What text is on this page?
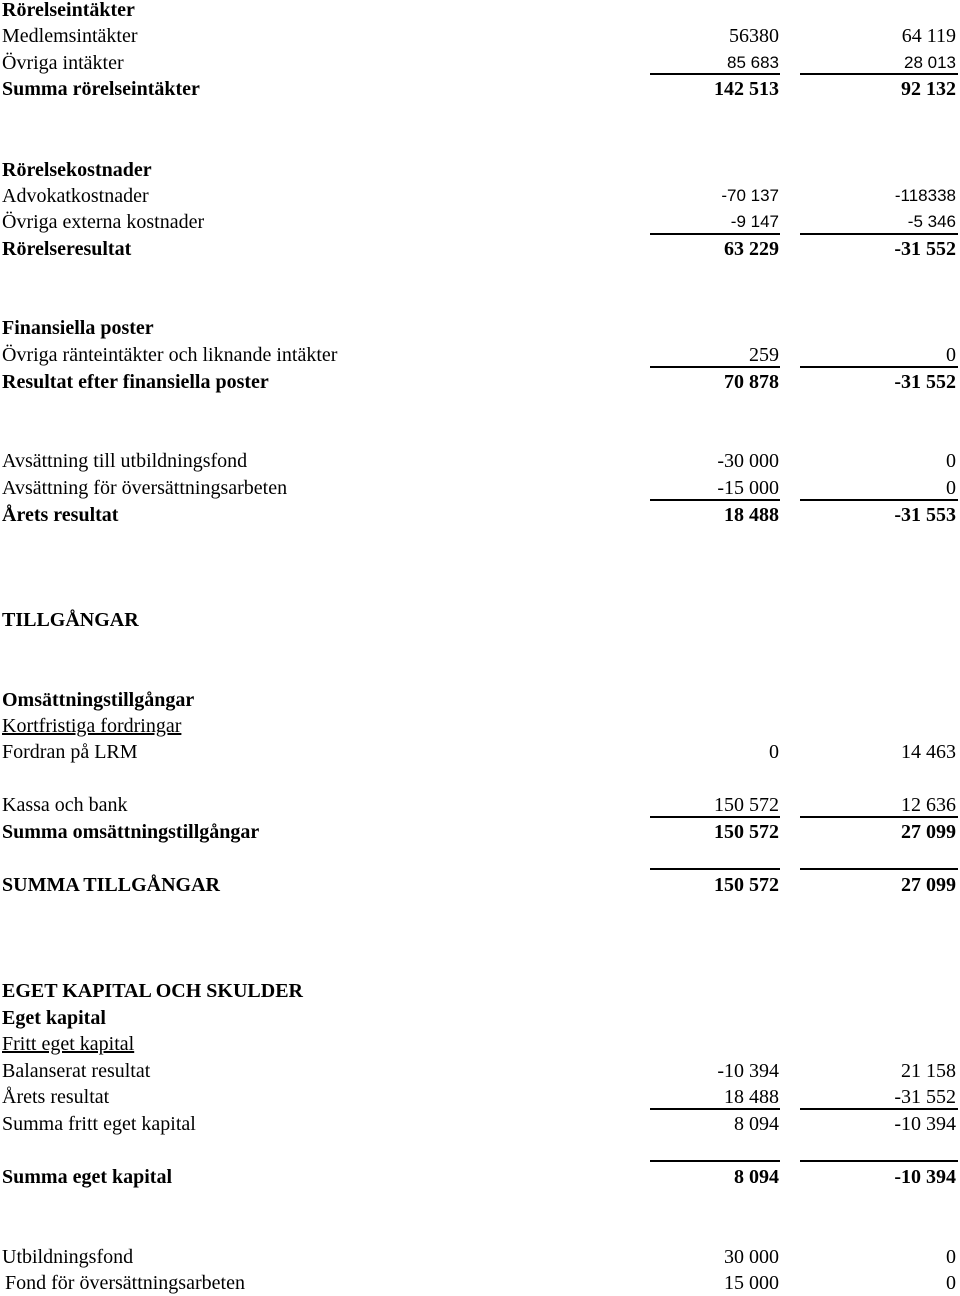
Rörelseintäkter
Medlemsintäkter	56380	64 119
Övriga intäkter	85 683	28 013
Summa rörelseintäkter	142 513	92 132
Rörelsekostnader
Advokatkostnader	-70 137	-118338
Övriga externa kostnader	-9 147	-5 346
Rörelseresultat	63 229	-31 552
Finansiella poster
Övriga ränteintäkter och liknande intäkter	259	0
Resultat efter finansiella poster	70 878	-31 552
Avsättning till utbildningsfond	-30 000	0
Avsättning för översättningsarbeten	-15 000	0
Årets resultat	18 488	-31 553
TILLGÅNGAR
Omsättningstillgångar
Kortfristiga fordringar
Fordran på LRM	0	14 463
Kassa och bank	150 572	12 636
Summa omsättningstillgångar	150 572	27 099
SUMMA TILLGÅNGAR	150 572	27 099
EGET KAPITAL OCH SKULDER
Eget kapital
Fritt eget kapital
Balanserat resultat	-10 394	21 158
Årets resultat	18 488	-31 552
Summa fritt eget kapital	8 094	-10 394
Summa eget kapital	8 094	-10 394
Utbildningsfond	30 000	0
Fond för översättningsarbeten	15 000	0
